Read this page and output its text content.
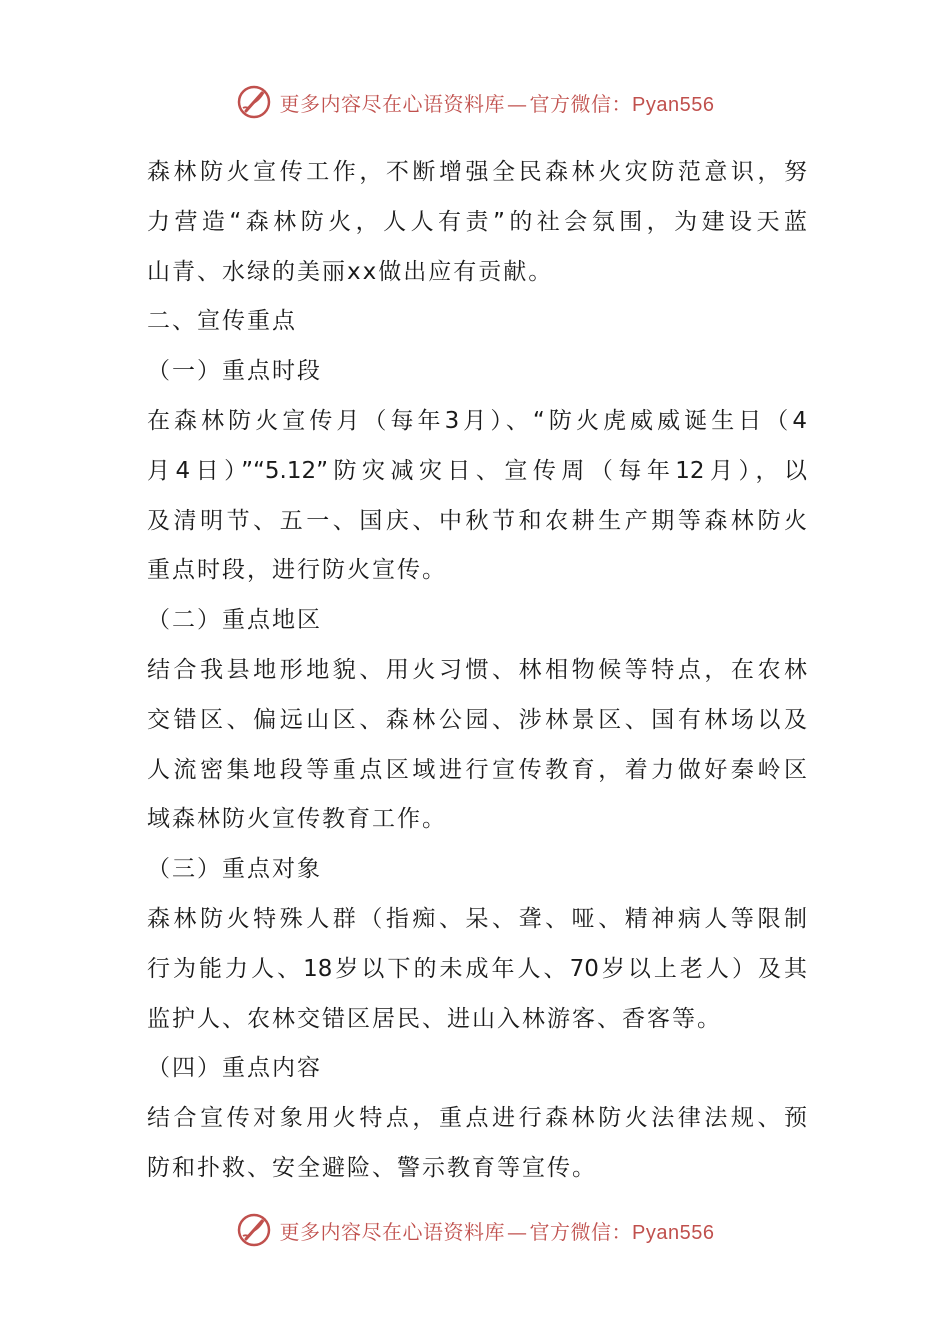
更多内容尽在心语资料库 — 官方微信：Pyan556
森林防火宣传工作，不断增强全民森林火灾防范意识，努
力营造“森林防火，人人有责”的社会氛围，为建设天蓝
山青、水绿的美丽xx做出应有贡献。
二、宣传重点
（一）重点时段
在森林防火宣传月（每年3月）、“防火虎威威诞生日（4
月4日）”“5.12”防灾减灾日、宣传周（每年12月），以
及清明节、五一、国庆、中秋节和农耕生产期等森林防火
重点时段，进行防火宣传。
（二）重点地区
结合我县地形地貌、用火习惯、林相物候等特点，在农林
交错区、偏远山区、森林公园、涉林景区、国有林场以及
人流密集地段等重点区域进行宣传教育，着力做好秦岭区
域森林防火宣传教育工作。
（三）重点对象
森林防火特殊人群（指痴、呆、聋、哑、精神病人等限制
行为能力人、18岁以下的未成年人、70岁以上老人）及其
监护人、农林交错区居民、进山入林游客、香客等。
（四）重点内容
结合宣传对象用火特点，重点进行森林防火法律法规、预
防和扑救、安全避险、警示教育等宣传。
更多内容尽在心语资料库 — 官方微信：Pyan556
